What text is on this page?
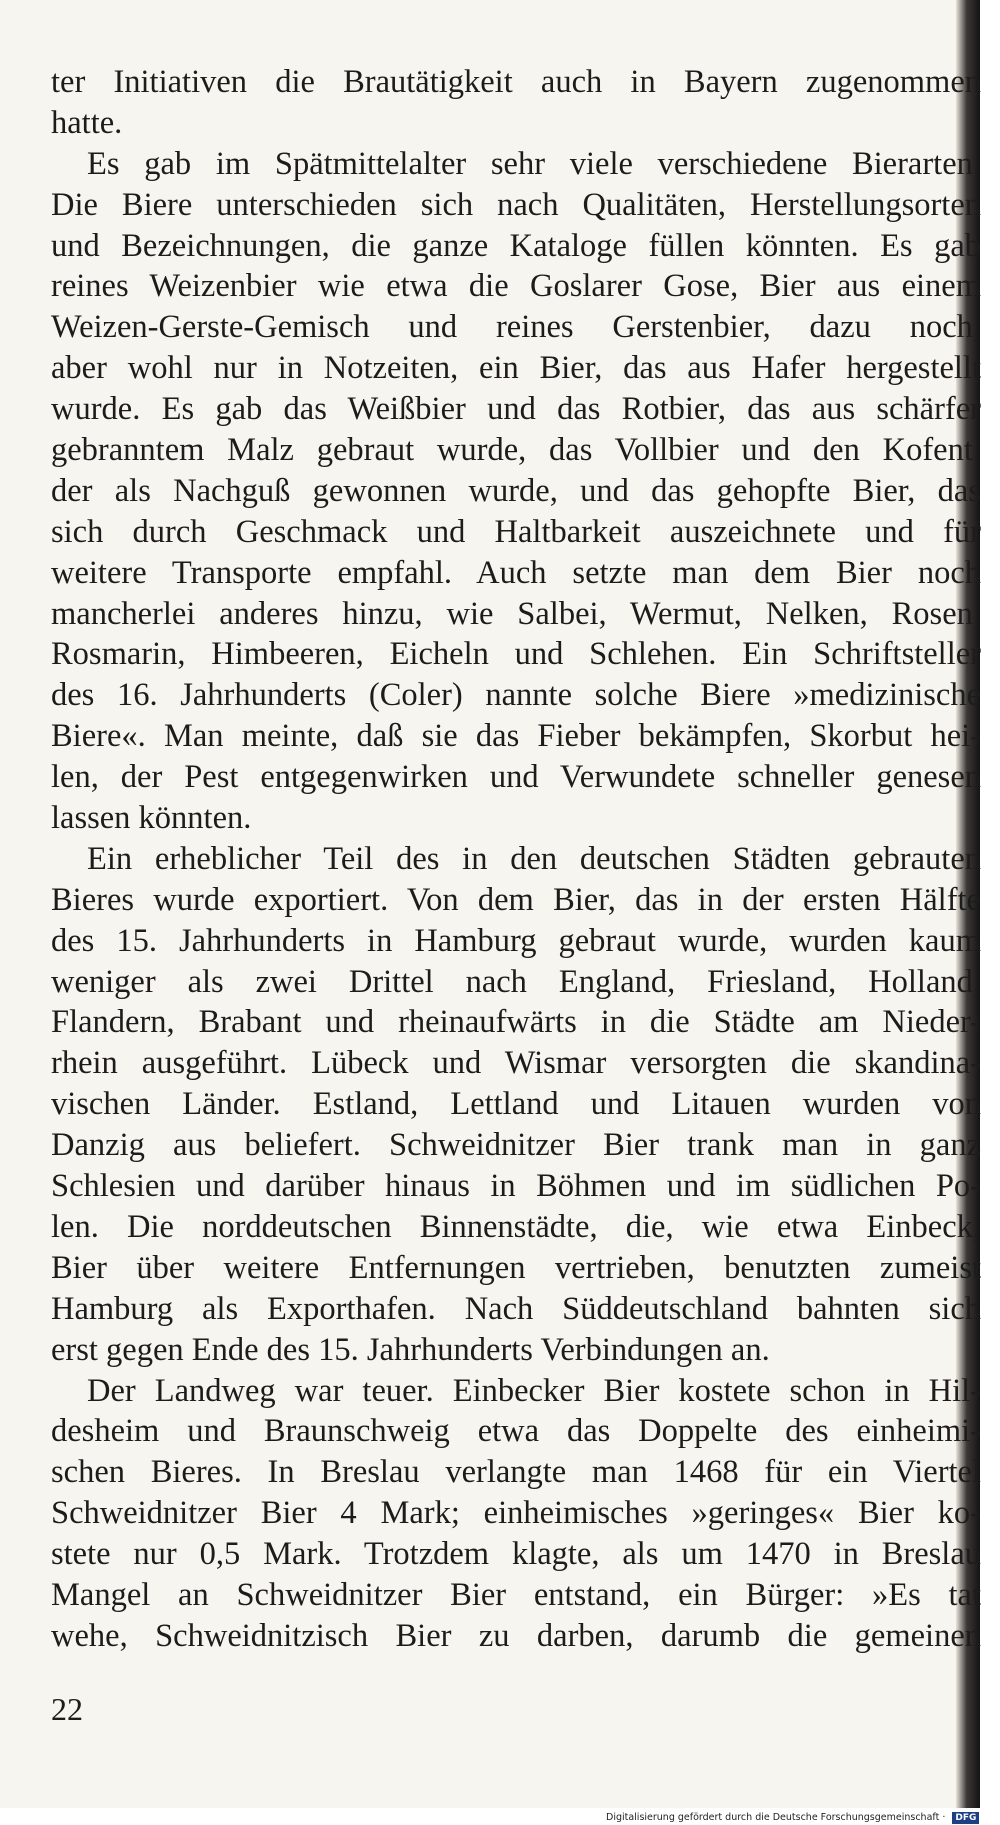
ter Initiativen die Brautätigkeit auch in Bayern zugenommen
hatte.
Es gab im Spätmittelalter sehr viele verschiedene Bierarten.
Die Biere unterschieden sich nach Qualitäten, Herstellungsorten
und Bezeichnungen, die ganze Kataloge füllen könnten. Es gab
reines Weizenbier wie etwa die Goslarer Gose, Bier aus einem
Weizen-Gerste-Gemisch und reines Gerstenbier, dazu noch,
aber wohl nur in Notzeiten, ein Bier, das aus Hafer hergestellt
wurde. Es gab das Weißbier und das Rotbier, das aus schärfer
gebranntem Malz gebraut wurde, das Vollbier und den Kofent,
der als Nachguß gewonnen wurde, und das gehopfte Bier, das
sich durch Geschmack und Haltbarkeit auszeichnete und für
weitere Transporte empfahl. Auch setzte man dem Bier noch
mancherlei anderes hinzu, wie Salbei, Wermut, Nelken, Rosen,
Rosmarin, Himbeeren, Eicheln und Schlehen. Ein Schriftsteller
des 16. Jahrhunderts (Coler) nannte solche Biere »medizinische
Biere«. Man meinte, daß sie das Fieber bekämpfen, Skorbut hei-
len, der Pest entgegenwirken und Verwundete schneller genesen
lassen könnten.
Ein erheblicher Teil des in den deutschen Städten gebrauten
Bieres wurde exportiert. Von dem Bier, das in der ersten Hälfte
des 15. Jahrhunderts in Hamburg gebraut wurde, wurden kaum
weniger als zwei Drittel nach England, Friesland, Holland,
Flandern, Brabant und rheinaufwärts in die Städte am Nieder-
rhein ausgeführt. Lübeck und Wismar versorgten die skandina-
vischen Länder. Estland, Lettland und Litauen wurden von
Danzig aus beliefert. Schweidnitzer Bier trank man in ganz
Schlesien und darüber hinaus in Böhmen und im südlichen Po-
len. Die norddeutschen Binnenstädte, die, wie etwa Einbeck,
Bier über weitere Entfernungen vertrieben, benutzten zumeist
Hamburg als Exporthafen. Nach Süddeutschland bahnten sich
erst gegen Ende des 15. Jahrhunderts Verbindungen an.
Der Landweg war teuer. Einbecker Bier kostete schon in Hil-
desheim und Braunschweig etwa das Doppelte des einheimi-
schen Bieres. In Breslau verlangte man 1468 für ein Viertel
Schweidnitzer Bier 4 Mark; einheimisches »geringes« Bier ko-
stete nur 0,5 Mark. Trotzdem klagte, als um 1470 in Breslau
Mangel an Schweidnitzer Bier entstand, ein Bürger: »Es tat
wehe, Schweidnitzisch Bier zu darben, darumb die gemeinen
22
Digitalisierung gefördert durch die Deutsche Forschungsgemeinschaft · DFG
